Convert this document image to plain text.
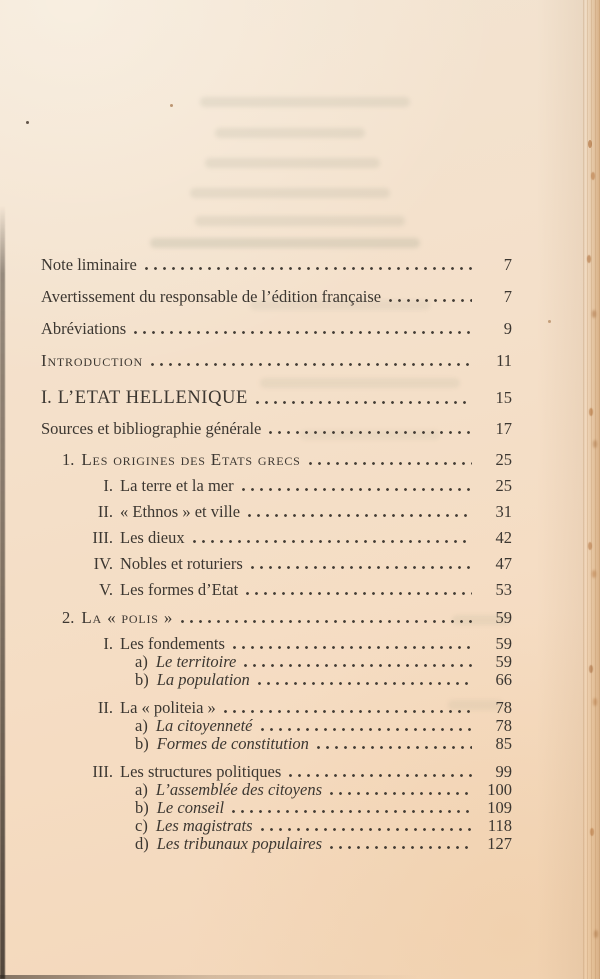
Note liminaire	7
Avertissement du responsable de l’édition française	7
Abréviations	9
Introduction	11
I. L’ETAT HELLENIQUE	15
Sources et bibliographie générale	17
1. Les origines des Etats grecs	25
I. La terre et la mer	25
II. « Ethnos » et ville	31
III. Les dieux	42
IV. Nobles et roturiers	47
V. Les formes d’Etat	53
2. La « polis »	59
I. Les fondements	59
a) Le territoire	59
b) La population	66
II. La « politeia »	78
a) La citoyenneté	78
b) Formes de constitution	85
III. Les structures politiques	99
a) L’assemblée des citoyens	100
b) Le conseil	109
c) Les magistrats	118
d) Les tribunaux populaires	127
